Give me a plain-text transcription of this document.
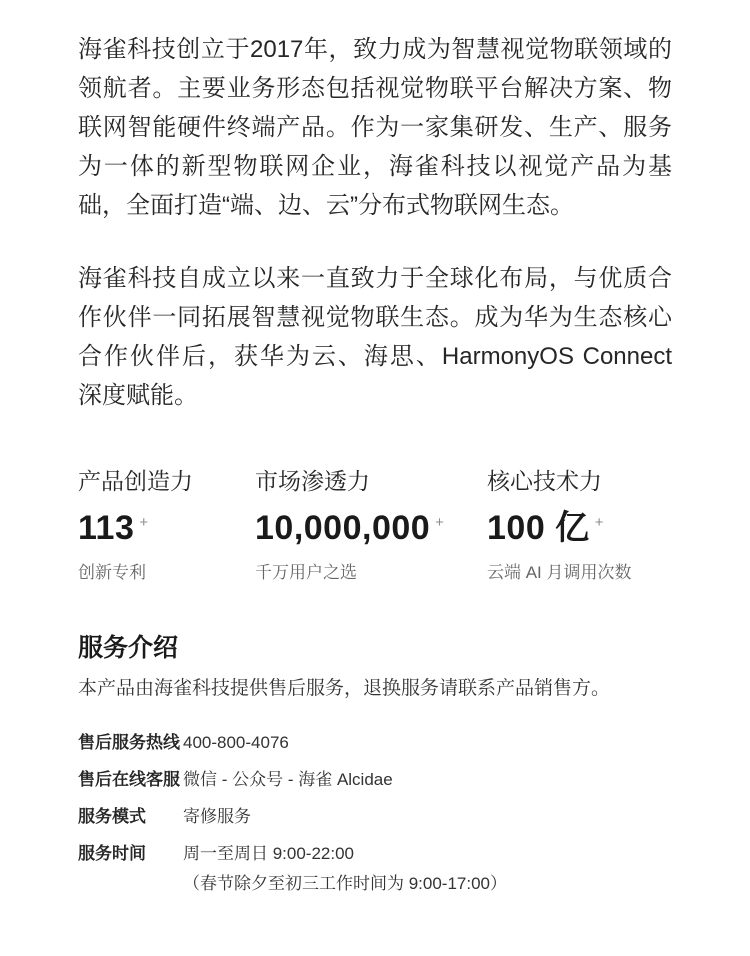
海雀科技创立于2017年，致力成为智慧视觉物联领域的领航者。主要业务形态包括视觉物联平台解决方案、物联网智能硬件终端产品。作为一家集研发、生产、服务为一体的新型物联网企业，海雀科技以视觉产品为基础，全面打造“端、边、云”分布式物联网生态。

海雀科技自成立以来一直致力于全球化布局，与优质合作伙伴一同拓展智慧视觉物联生态。成为华为生态核心合作伙伴后，获华为云、海思、HarmonyOS Connect 深度赋能。

产品创造力
113 +
创新专利
市场渗透力
10,000,000 +
千万用户之选
核心技术力
100 亿 +
云端 AI 月调用次数
服务介绍

本产品由海雀科技提供售后服务，退换服务请联系产品销售方。

售后服务热线 400-800-4076
售后在线客服 微信 - 公众号 - 海雀 Alcidae
服务模式	寄修服务
服务时间	周一至周日 9:00-22:00
（春节除夕至初三工作时间为 9:00-17:00）
